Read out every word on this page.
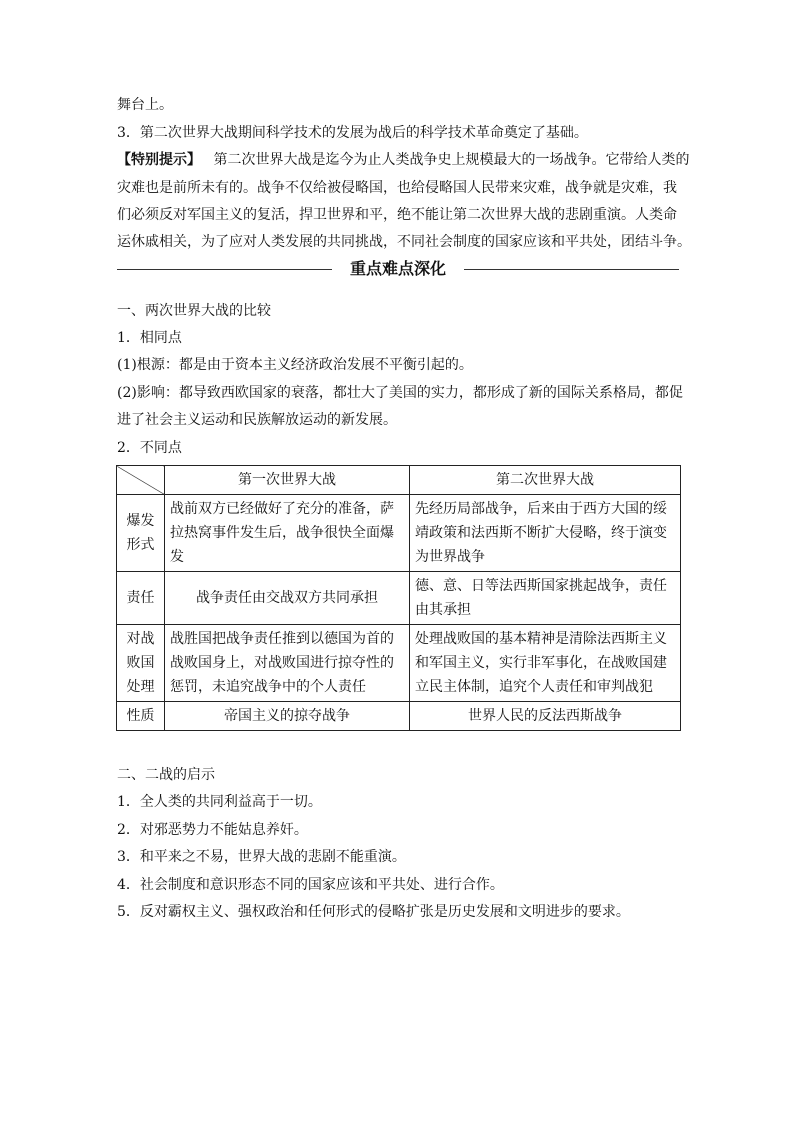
舞台上。
3．第二次世界大战期间科学技术的发展为战后的科学技术革命奠定了基础。
【特别提示】 第二次世界大战是迄今为止人类战争史上规模最大的一场战争。它带给人类的
灾难也是前所未有的。战争不仅给被侵略国，也给侵略国人民带来灾难，战争就是灾难，我
们必须反对军国主义的复活，捍卫世界和平，绝不能让第二次世界大战的悲剧重演。人类命
运休戚相关，为了应对人类发展的共同挑战，不同社会制度的国家应该和平共处，团结斗争。
重点难点深化
一、两次世界大战的比较
1．相同点
(1)根源：都是由于资本主义经济政治发展不平衡引起的。
(2)影响：都导致西欧国家的衰落，都壮大了美国的实力，都形成了新的国际关系格局，都促
进了社会主义运动和民族解放运动的新发展。
2．不同点
	第一次世界大战	第二次世界大战
爆发形式	战前双方已经做好了充分的准备，萨拉热窝事件发生后，战争很快全面爆发	先经历局部战争，后来由于西方大国的绥靖政策和法西斯不断扩大侵略，终于演变为世界战争
责任	战争责任由交战双方共同承担	德、意、日等法西斯国家挑起战争，责任由其承担
对战败国处理	战胜国把战争责任推到以德国为首的战败国身上，对战败国进行掠夺性的惩罚，未追究战争中的个人责任	处理战败国的基本精神是清除法西斯主义和军国主义，实行非军事化，在战败国建立民主体制，追究个人责任和审判战犯
性质	帝国主义的掠夺战争	世界人民的反法西斯战争
二、二战的启示
1．全人类的共同利益高于一切。
2．对邪恶势力不能姑息养奸。
3．和平来之不易，世界大战的悲剧不能重演。
4．社会制度和意识形态不同的国家应该和平共处、进行合作。
5．反对霸权主义、强权政治和任何形式的侵略扩张是历史发展和文明进步的要求。
